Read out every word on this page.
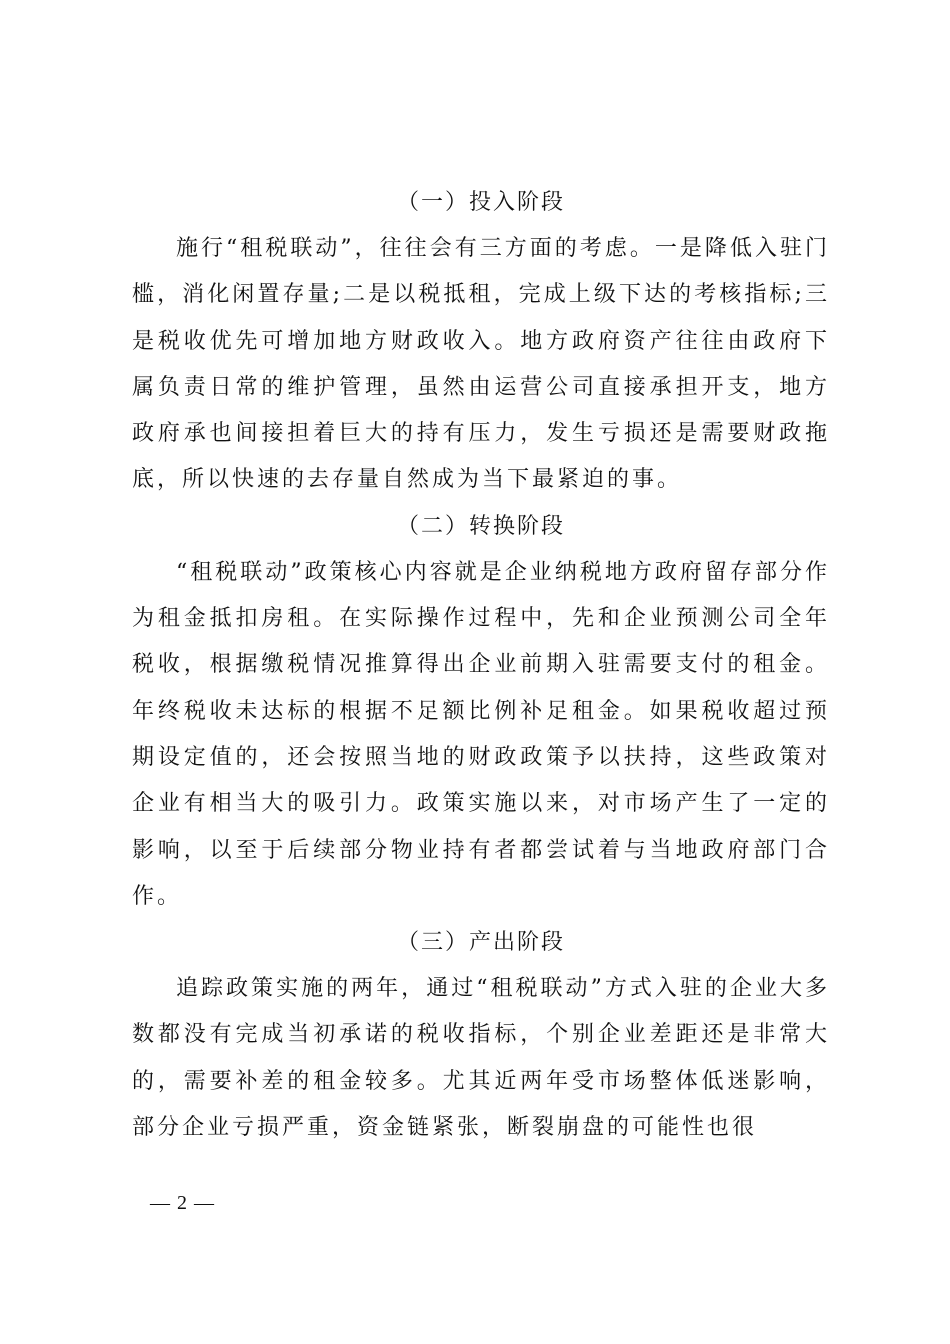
（一）投入阶段

施行“租税联动”，往往会有三方面的考虑。一是降低入驻门槛，消化闲置存量;二是以税抵租，完成上级下达的考核指标;三是税收优先可增加地方财政收入。地方政府资产往往由政府下属负责日常的维护管理，虽然由运营公司直接承担开支，地方政府承也间接担着巨大的持有压力，发生亏损还是需要财政拖底，所以快速的去存量自然成为当下最紧迫的事。

（二）转换阶段

“租税联动”政策核心内容就是企业纳税地方政府留存部分作为租金抵扣房租。在实际操作过程中，先和企业预测公司全年税收，根据缴税情况推算得出企业前期入驻需要支付的租金。年终税收未达标的根据不足额比例补足租金。如果税收超过预期设定值的，还会按照当地的财政政策予以扶持，这些政策对企业有相当大的吸引力。政策实施以来，对市场产生了一定的影响，以至于后续部分物业持有者都尝试着与当地政府部门合作。

（三）产出阶段

追踪政策实施的两年，通过“租税联动”方式入驻的企业大多数都没有完成当初承诺的税收指标，个别企业差距还是非常大的，需要补差的租金较多。尤其近两年受市场整体低迷影响，部分企业亏损严重，资金链紧张，断裂崩盘的可能性也很

— 2 —
